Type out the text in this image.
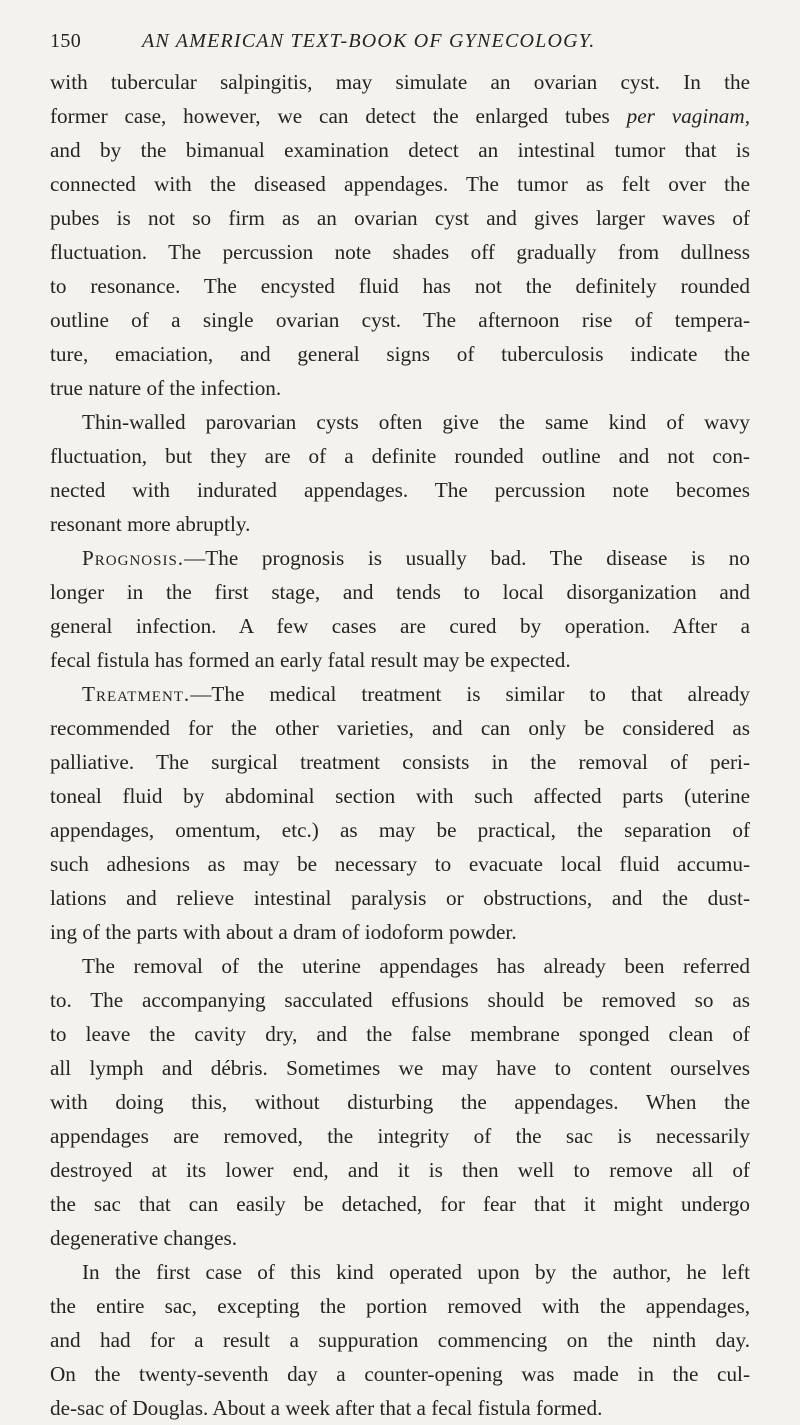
150	AN AMERICAN TEXT-BOOK OF GYNECOLOGY.
with tubercular salpingitis, may simulate an ovarian cyst. In the
former case, however, we can detect the enlarged tubes per vaginam,
and by the bimanual examination detect an intestinal tumor that is
connected with the diseased appendages. The tumor as felt over the
pubes is not so firm as an ovarian cyst and gives larger waves of
fluctuation. The percussion note shades off gradually from dullness
to resonance. The encysted fluid has not the definitely rounded
outline of a single ovarian cyst. The afternoon rise of tempera-
ture, emaciation, and general signs of tuberculosis indicate the
true nature of the infection.
Thin-walled parovarian cysts often give the same kind of wavy
fluctuation, but they are of a definite rounded outline and not con-
nected with indurated appendages. The percussion note becomes
resonant more abruptly.
Prognosis.—The prognosis is usually bad. The disease is no
longer in the first stage, and tends to local disorganization and
general infection. A few cases are cured by operation. After a
fecal fistula has formed an early fatal result may be expected.
Treatment.—The medical treatment is similar to that already
recommended for the other varieties, and can only be considered as
palliative. The surgical treatment consists in the removal of peri-
toneal fluid by abdominal section with such affected parts (uterine
appendages, omentum, etc.) as may be practical, the separation of
such adhesions as may be necessary to evacuate local fluid accumu-
lations and relieve intestinal paralysis or obstructions, and the dust-
ing of the parts with about a dram of iodoform powder.
The removal of the uterine appendages has already been referred
to. The accompanying sacculated effusions should be removed so as
to leave the cavity dry, and the false membrane sponged clean of
all lymph and débris. Sometimes we may have to content ourselves
with doing this, without disturbing the appendages. When the
appendages are removed, the integrity of the sac is necessarily
destroyed at its lower end, and it is then well to remove all of
the sac that can easily be detached, for fear that it might undergo
degenerative changes.
In the first case of this kind operated upon by the author, he left
the entire sac, excepting the portion removed with the appendages,
and had for a result a suppuration commencing on the ninth day.
On the twenty-seventh day a counter-opening was made in the cul-
de-sac of Douglas. About a week after that a fecal fistula formed.
